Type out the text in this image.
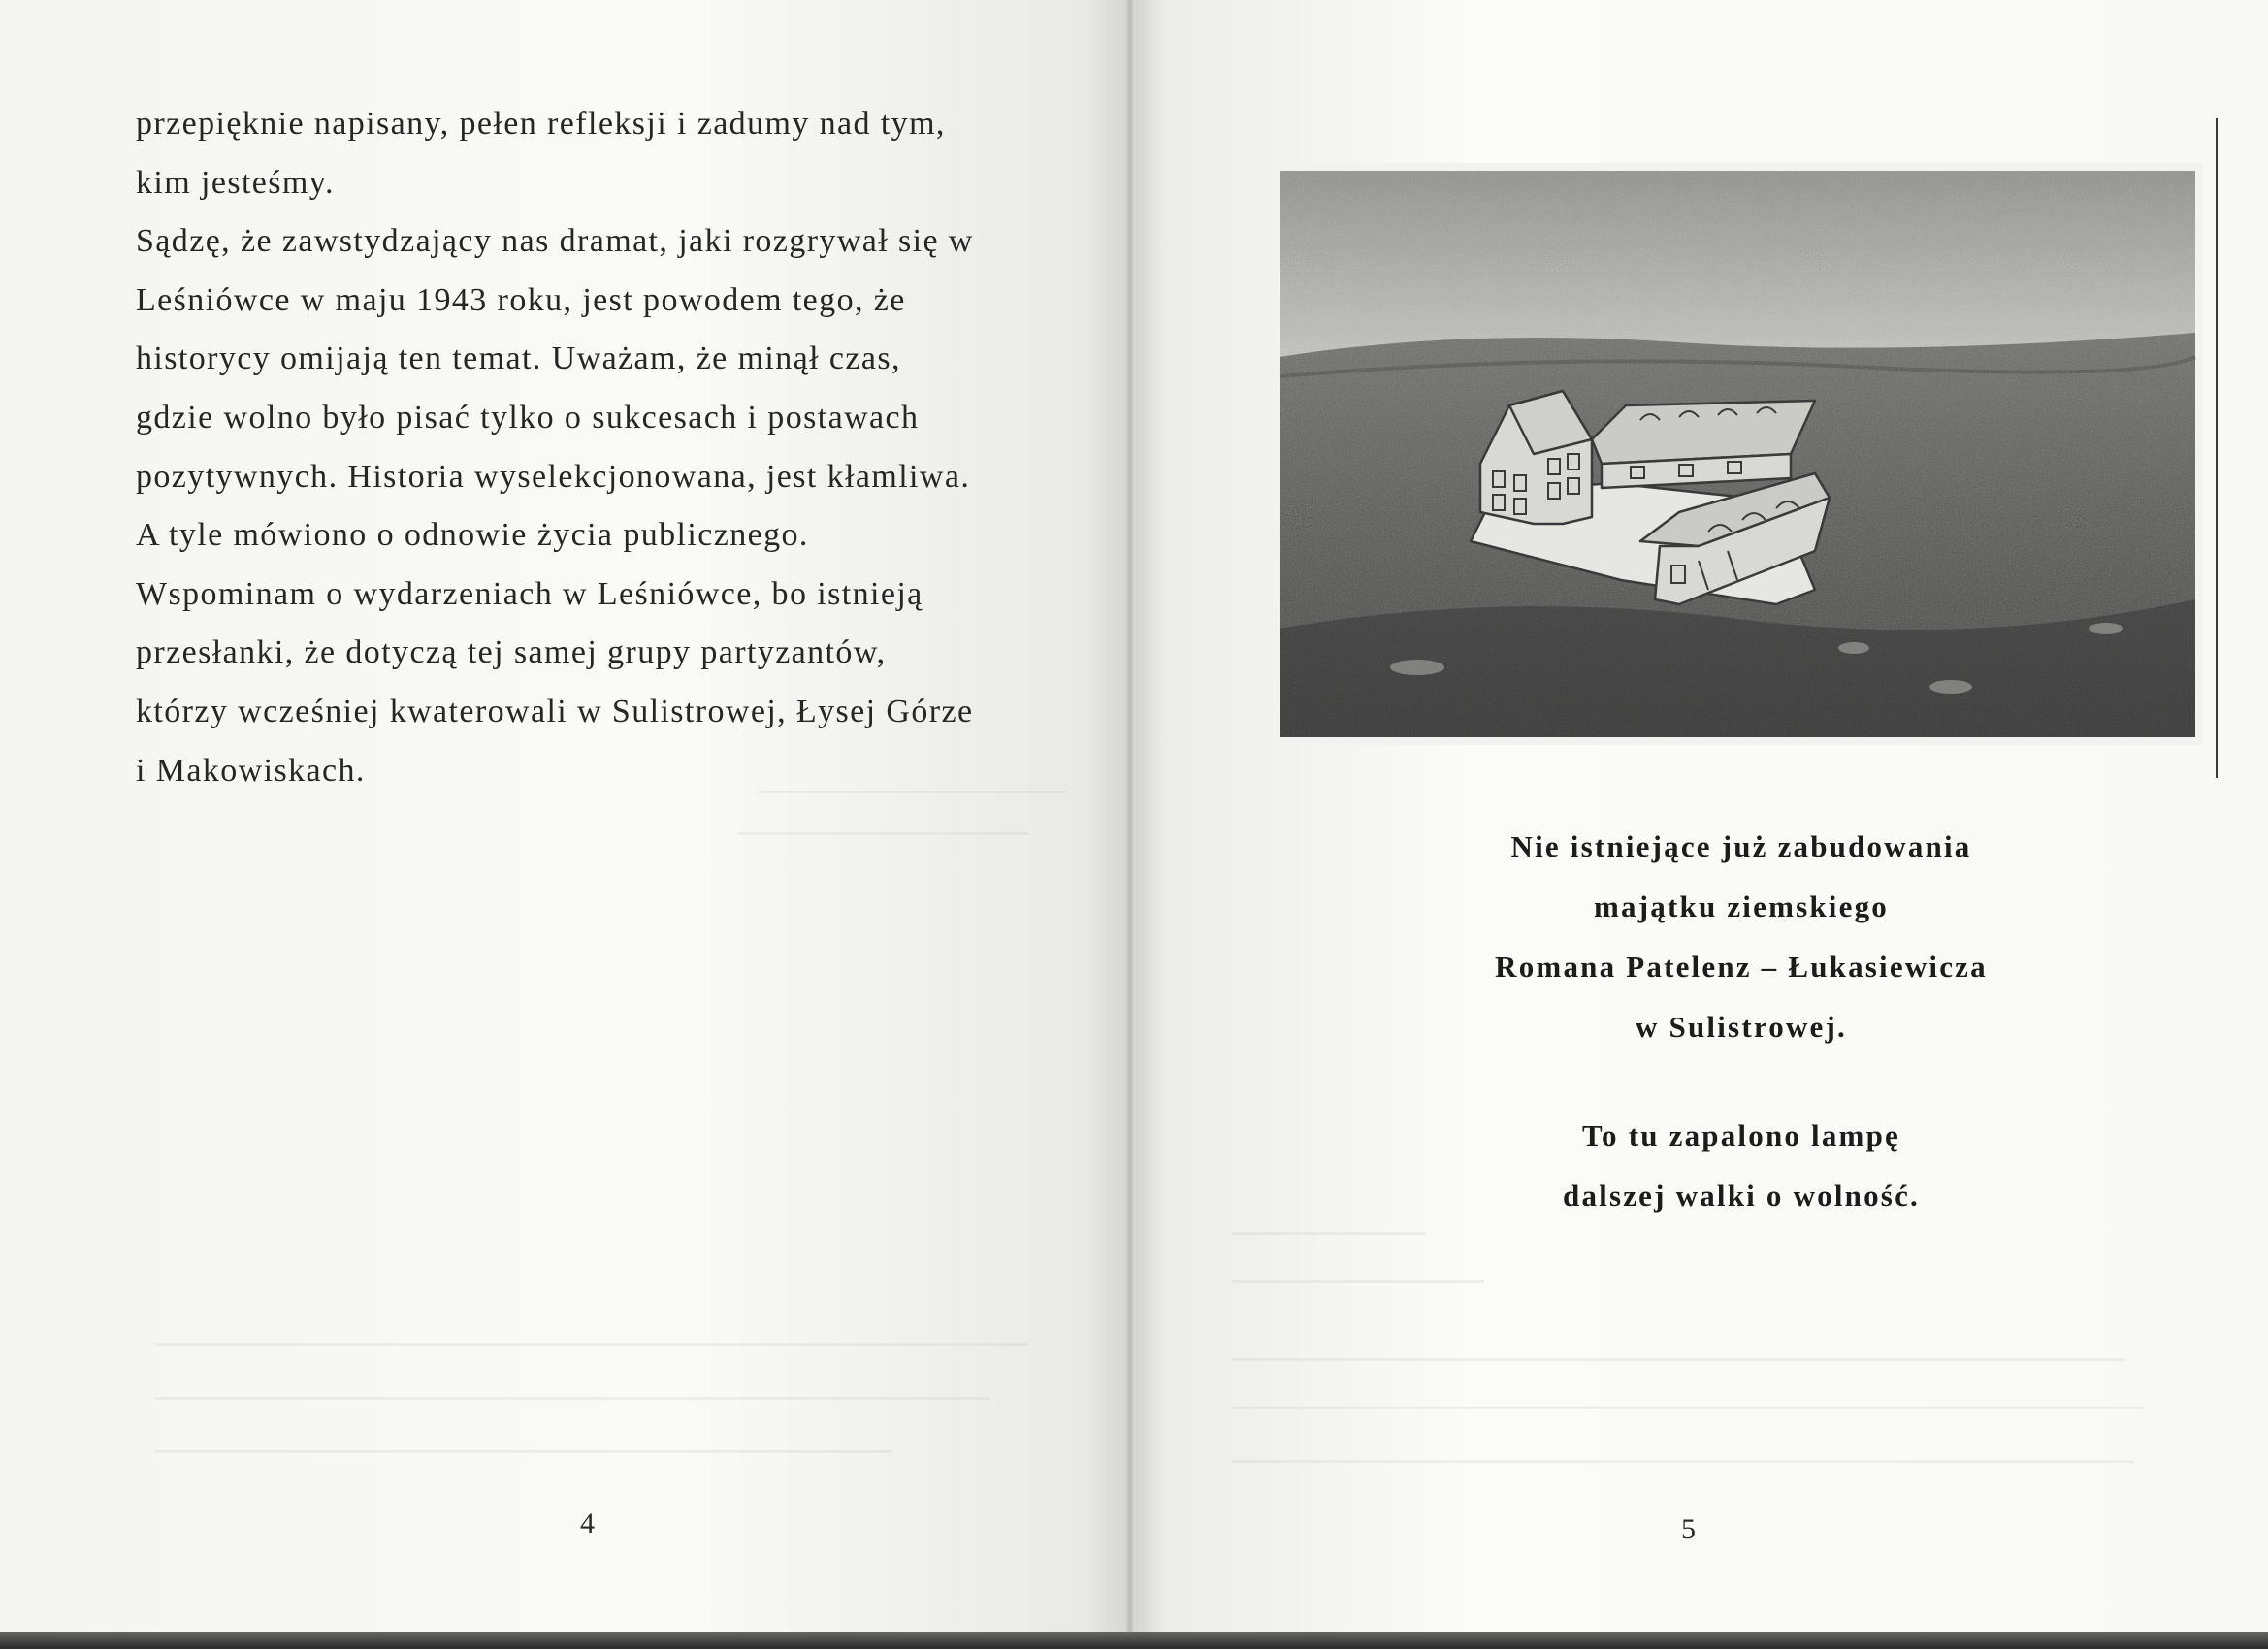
przepięknie napisany, pełen refleksji i zadumy nad tym,
kim jesteśmy.

Sądzę, że zawstydzający nas dramat, jaki rozgrywał się w
Leśniówce w maju 1943 roku, jest powodem tego, że
historycy omijają ten temat. Uważam, że minął czas,
gdzie wolno było pisać tylko o sukcesach i postawach
pozytywnych. Historia wyselekcjonowana, jest kłamliwa.
A tyle mówiono o odnowie życia publicznego.
Wspominam o wydarzeniach w Leśniówce, bo istnieją
przesłanki, że dotyczą tej samej grupy partyzantów,
którzy wcześniej kwaterowali w Sulistrowej, Łysej Górze
i Makowiskach.

4
Nie istniejące już zabudowania
majątku ziemskiego
Romana Patelenz – Łukasiewicza
w Sulistrowej.
To tu zapalono lampę
dalszej walki o wolność.
5
